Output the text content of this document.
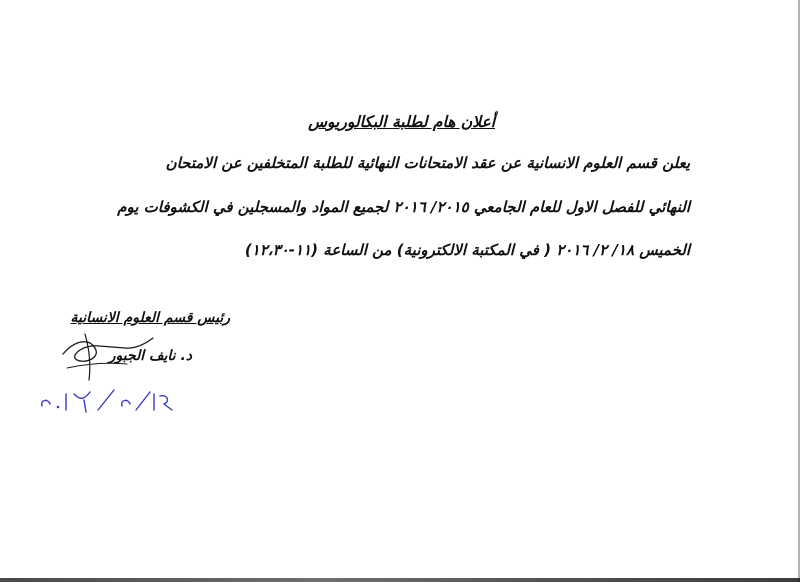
أعلان هام لطلبة البكالوريوس
يعلن قسم العلوم الانسانية عن عقد الامتحانات النهائية للطلبة المتخلفين عن الامتحان
النهائي للفصل الاول للعام الجامعي ٢٠١٥/ ٢٠١٦ لجميع المواد والمسجلين في الكشوفات يوم
الخميس ١٨/ ٢/ ٢٠١٦ ( في المكتبة الالكترونية) من الساعة (١١-١٢،٣٠)
رئيس قسم العلوم الانسانية
د. نايف الجبور
